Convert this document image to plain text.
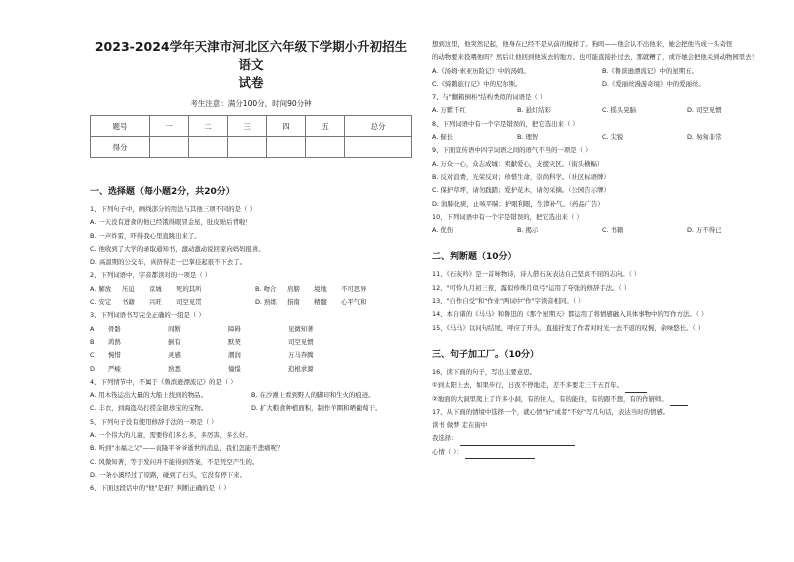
2023-2024学年天津市河北区六年级下学期小升初招生语文
试卷
考生注意：满分100分，时间90分钟
题号	一	二	三	四	五	总分
得分						
一、选择题（每小题2分，共20分）
1、下列句子中，画线部分的用法与其他三项不同的是（ ）
A. 一天没有进食的他已经饿得眼冒金星，肚皮贴后背啦！
B. 一声炸雷，吓得我心里直跳出来了。
C. 他收到了大学的录取通知书，激动激动说回家向妈妈报喜。
D. 高温期的公交车，真挤得走一巴掌挂起很不下去了。
2、下列词语中，字音都读对的一项是（ ）
A. 解放	压迫	京城	死的其所	B. 吻合	肩膀	境地	不可思异
C. 安定	书籍	兴旺	司空见贯	D. 熟练	指南	精髓	心平气和
3、下列词语书写完全正确的一组是（ ）
A	骨骼	间断	障碍	见微知著
B	鸿鹄	倒有	默契	司空见惯
C	惋惜	灵感	潮润	万马奔腾
D	严峻	熟悉	憧憬	追根求源
4、下列情节中，不属于《鲁滨逊漂流记》的是（ ）
A. 用木筏运出大量的大船上找到的物品。	B. 在沙滩上看到野人的脚印和生火的痕迹。
C. 丰衣，到海盗岛打捞金银珍宝的宝物。	D. 扩大粮食种植面积，制作羊圈和晒葡萄干。
5、下列句子没有使用修辞手法的一项是（ ）
A. 一个伟大的儿童，需要你们多么多，多厉害，多么好。
B. 听到"水福之父"——袁隆平爷爷逝世的消息，我们怎能不悲痛呢？
C. 风微知著，等于发问并不能得到答案，不是凭空产生的。
D. 一条小溪经过了原路，碰到了石头，它没有停下来。
6、下面这段话中的"他"是谁？判断正确的是（ ）
想到这里，他突然记起，他身在已经不是从前的模样了。狗吗——他会认不出他来，她会把他当成一头奇怪
的动物要来投喂他吗？然后让他回到他该去的地方。也可能直接扑过去，那就糟了，或许她会把他关到动物园里去！
A.《汤姆·索亚历险记》中的汤姆。	B.《鲁滨逊漂流记》中的星期五。
C.《骑鹅旅行记》中的尼尔斯。	D.《爱丽丝漫游奇境》中的爱丽丝。
7、与"翻箱倒柜"结构类似的词语是（ ）
A. 万紫千红	B. 悬灯结彩	C. 摇头晃脑	D. 司空见惯
8、下列词语中有一个字是错误的，把它选出来（ ）
A. 倔长	B. 理智	C. 尖锐	D. 匆匆非常
9、下面宣传语中四字词语之间的语气不当的一项是（ ）
A. 万众一心，众志成城：卖献爱心，支援灾区。（街头横幅）
B. 反对浪费，光荣反对；珍惜生命，崇尚科学。（社区标语牌）
C. 保护草坪，请勿践踏；爱护花木，请勿采摘。（公园告示牌）
D. 润肺化痰，止咳平喘；护眼利眼，生津补气。（药品广告）
10、下列词语中有一个字是错误的，把它选出来（ ）
A. 优伤	B. 揭示	C. 书籍	D. 万不得已
二、判断题（10分）
11、《石灰吟》是一首咏物诗，诗人借石灰表达自己坚贞不屈的志向。（ ）
12、"可怜九月初三夜，露似珍珠月似弓"运用了夸张的修辞手法。（ ）
13、"自作自受"和"作业"两词中"作"字读音相同。（ ）
14、本自诸的《马马》和鲁迅的《那个星期天》都运用了将情感融入具体事物中的写作方法。（ ）
15、《马马》以问句结尾，呼应了开头，直接抒发了作者对时光一去不返的叹惋，余味悠长。（ ）
三、句子加工厂。（10分）
16、读下面的句子，写出主要意思。
①到太阳上去，如果步行，日夜不停地走，差不多要走三千五百年。
②地面的大洞里爬上了许多小洞，有的住人，有的能住，有的跟不想，有的作厨师。
17、从下面的情境中选择一个，就心情"好"或者"不好"写几句话，表达当时的情感。
读书 做梦 走在街中
我选择：
心情（ ）：
